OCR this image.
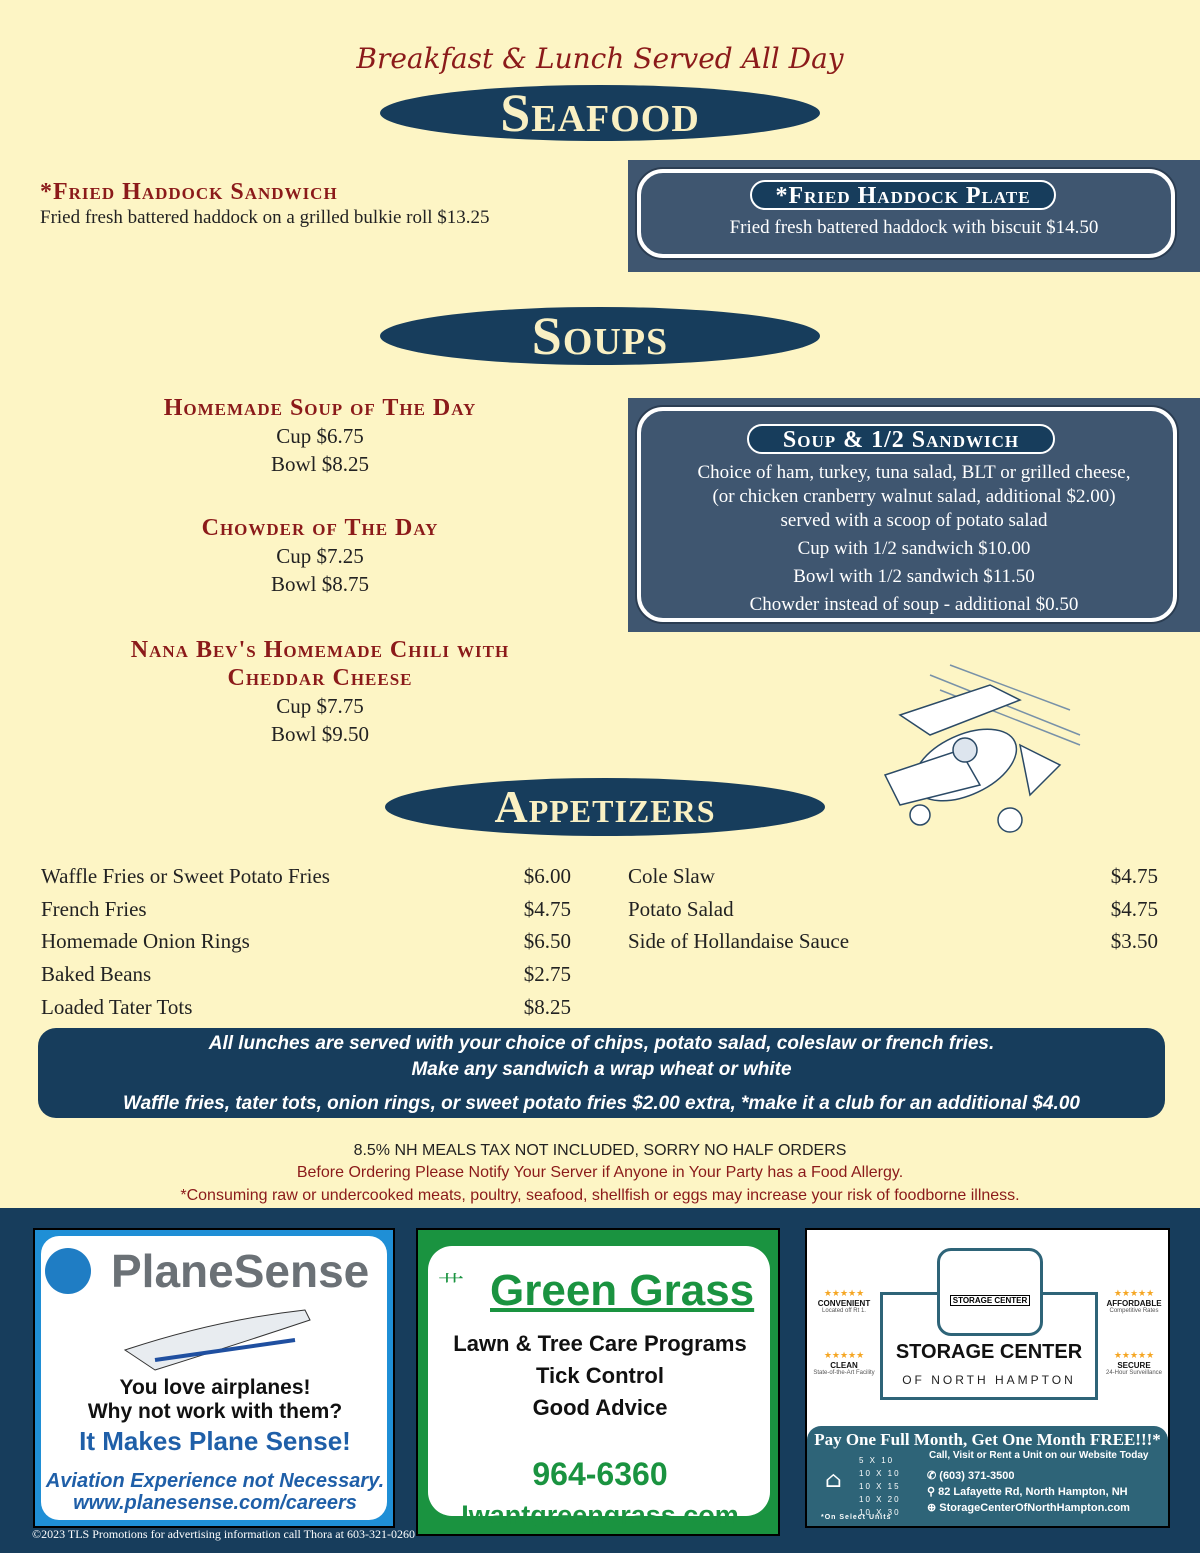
Breakfast & Lunch Served All Day
Seafood
*Fried Haddock Sandwich
Fried fresh battered haddock on a grilled bulkie roll $13.25
*Fried Haddock Plate
Fried fresh battered haddock with biscuit $14.50
Soups
Homemade Soup of The Day
Cup $6.75
Bowl $8.25
Chowder of The Day
Cup $7.25
Bowl $8.75
Nana Bev's Homemade Chili with
Cheddar Cheese
Cup $7.75
Bowl $9.50
Soup & 1/2 Sandwich
Choice of ham, turkey, tuna salad, BLT or grilled cheese,
(or chicken cranberry walnut salad, additional $2.00)
served with a scoop of potato salad
Cup with 1/2 sandwich $10.00
Bowl with 1/2 sandwich $11.50
Chowder instead of soup - additional $0.50
Appetizers
Waffle Fries or Sweet Potato Fries	$6.00
French Fries	$4.75
Homemade Onion Rings	$6.50
Baked Beans	$2.75
Loaded Tater Tots	$8.25
Cole Slaw	$4.75
Potato Salad	$4.75
Side of Hollandaise Sauce	$3.50
All lunches are served with your choice of chips, potato salad, coleslaw or french fries.
Make any sandwich a wrap wheat or white
Waffle fries, tater tots, onion rings, or sweet potato fries $2.00 extra, *make it a club for an additional $4.00
8.5% NH MEALS TAX NOT INCLUDED, SORRY NO HALF ORDERS
Before Ordering Please Notify Your Server if Anyone in Your Party has a Food Allergy.
*Consuming raw or undercooked meats, poultry, seafood, shellfish or eggs may increase your risk of foodborne illness.
PlaneSense
You love airplanes!
Why not work with them?
It Makes Plane Sense!
Aviation Experience not Necessary.
www.planesense.com/careers
⺾ Green Grass
Lawn & Tree Care Programs
Tick Control
Good Advice
964-6360
Iwantgreengrass.com
STORAGE CENTER
STORAGE CENTER
OF NORTH HAMPTON
★★★★★
CONVENIENT
Located off Rt 1.
★★★★★
AFFORDABLE
Competitive Rates
★★★★★
CLEAN
State-of-the-Art Facility
★★★★★
SECURE
24-Hour Surveillance
Pay One Full Month, Get One Month FREE!!!*
5 X 10
10 X 10
10 X 15
10 X 20
10 X 30
*On Select Units
⌂
Call, Visit or Rent a Unit on our Website Today
✆ (603) 371-3500
⚲ 82 Lafayette Rd, North Hampton, NH
⊕ StorageCenterOfNorthHampton.com
©2023 TLS Promotions for advertising information call Thora at 603-321-0260
